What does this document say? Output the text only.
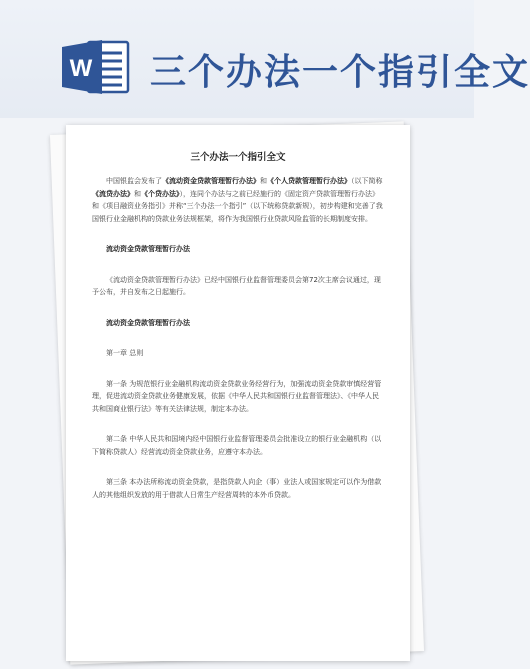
W 三个办法一个指引全文
三个办法一个指引全文

中国银监会发布了《流动资金贷款管理暂行办法》和《个人贷款管理暂行办法》（以下简称《流贷办法》和《个贷办法》），连同个办法与之前已经施行的《固定资产贷款管理暂行办法》和《项目融资业务指引》并称“三个办法一个指引”（以下统称贷款新规），初步构建和完善了我国银行业金融机构的贷款业务法规框架，将作为我国银行业贷款风险监管的长期制度安排。

流动资金贷款管理暂行办法

《流动资金贷款管理暂行办法》已经中国银行业监督管理委员会第72次主席会议通过，现予公布，并自发布之日起施行。

流动资金贷款管理暂行办法

第一章 总则

第一条 为规范银行业金融机构流动资金贷款业务经营行为，加强流动资金贷款审慎经营管理，促进流动资金贷款业务健康发展，依据《中华人民共和国银行业监督管理法》、《中华人民共和国商业银行法》等有关法律法规，制定本办法。

第二条 中华人民共和国境内经中国银行业监督管理委员会批准设立的银行业金融机构（以下简称贷款人）经营流动资金贷款业务，应遵守本办法。

第三条 本办法所称流动资金贷款，是指贷款人向企（事）业法人或国家规定可以作为借款人的其他组织发放的用于借款人日常生产经营周转的本外币贷款。
